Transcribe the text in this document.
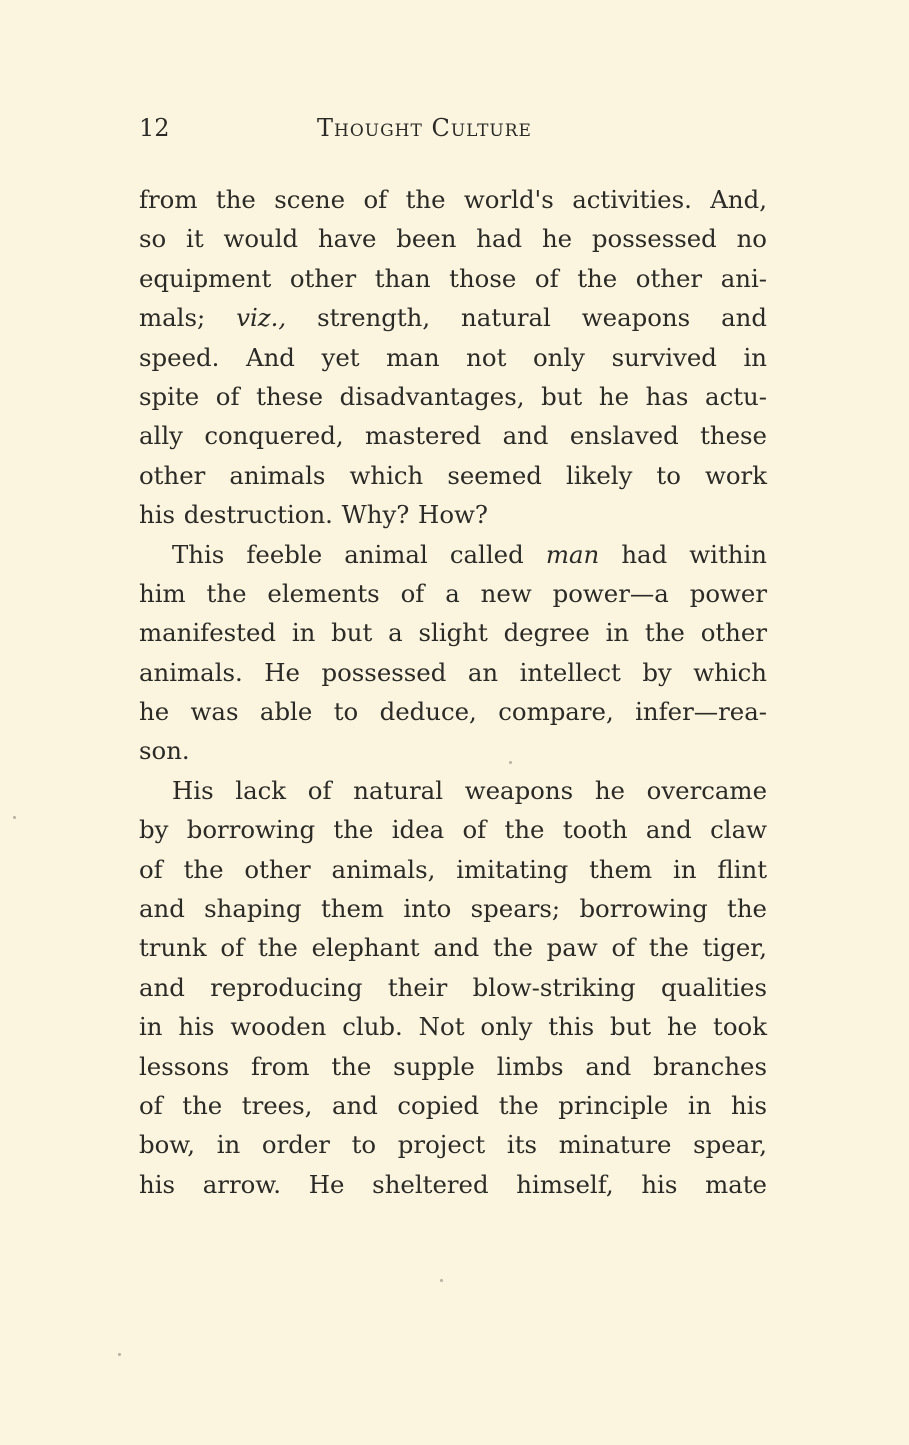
12	Thought Culture
from the scene of the world's activities. And,
so it would have been had he possessed no
equipment other than those of the other ani-
mals; viz., strength, natural weapons and
speed. And yet man not only survived in
spite of these disadvantages, but he has actu-
ally conquered, mastered and enslaved these
other animals which seemed likely to work
his destruction. Why? How?
This feeble animal called man had within
him the elements of a new power—a power
manifested in but a slight degree in the other
animals. He possessed an intellect by which
he was able to deduce, compare, infer—rea-
son.
His lack of natural weapons he overcame
by borrowing the idea of the tooth and claw
of the other animals, imitating them in flint
and shaping them into spears; borrowing the
trunk of the elephant and the paw of the tiger,
and reproducing their blow-striking qualities
in his wooden club. Not only this but he took
lessons from the supple limbs and branches
of the trees, and copied the principle in his
bow, in order to project its minature spear,
his arrow. He sheltered himself, his mate
